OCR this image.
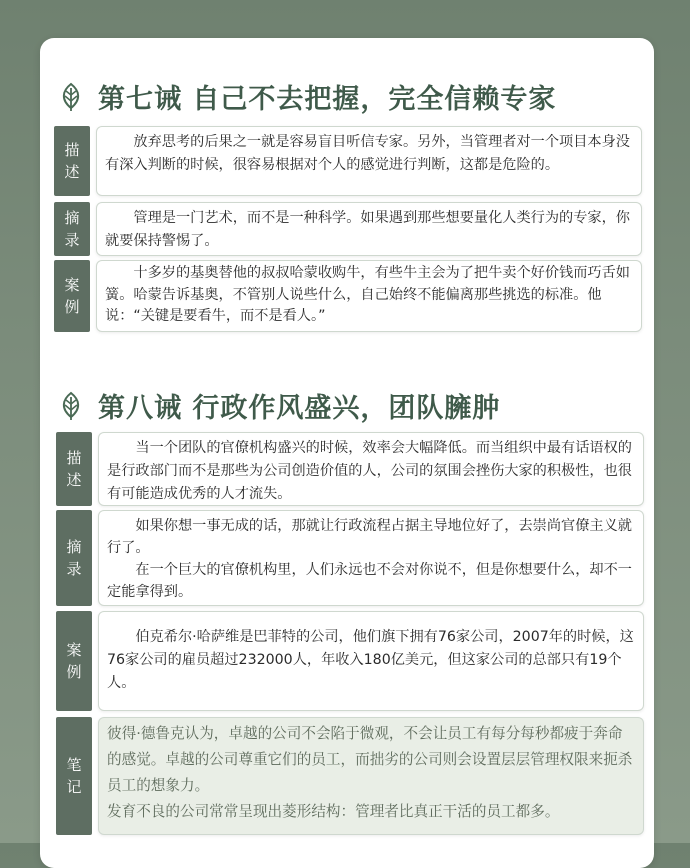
第七诫 自己不去把握，完全信赖专家
描
述

放弃思考的后果之一就是容易盲目听信专家。另外，当管理者对一个项目本身没有深入判断的时候，很容易根据对个人的感觉进行判断，这都是危险的。

摘
录

管理是一门艺术，而不是一种科学。如果遇到那些想要量化人类行为的专家，你就要保持警惕了。

案
例

十多岁的基奥替他的叔叔哈蒙收购牛，有些牛主会为了把牛卖个好价钱而巧舌如簧。哈蒙告诉基奥，不管别人说些什么，自己始终不能偏离那些挑选的标准。他说：“关键是要看牛，而不是看人。”

第八诫 行政作风盛兴，团队臃肿
描
述

当一个团队的官僚机构盛兴的时候，效率会大幅降低。而当组织中最有话语权的是行政部门而不是那些为公司创造价值的人，公司的氛围会挫伤大家的积极性，也很有可能造成优秀的人才流失。

摘
录

如果你想一事无成的话，那就让行政流程占据主导地位好了，去崇尚官僚主义就行了。

在一个巨大的官僚机构里，人们永远也不会对你说不，但是你想要什么，却不一定能拿得到。

案
例

伯克希尔·哈萨维是巴菲特的公司，他们旗下拥有76家公司，2007年的时候，这76家公司的雇员超过232000人，年收入180亿美元，但这家公司的总部只有19个人。

笔
记

彼得·德鲁克认为，卓越的公司不会陷于微观，不会让员工有每分每秒都疲于奔命的感觉。卓越的公司尊重它们的员工，而拙劣的公司则会设置层层管理权限来扼杀员工的想象力。

发育不良的公司常常呈现出菱形结构：管理者比真正干活的员工都多。
